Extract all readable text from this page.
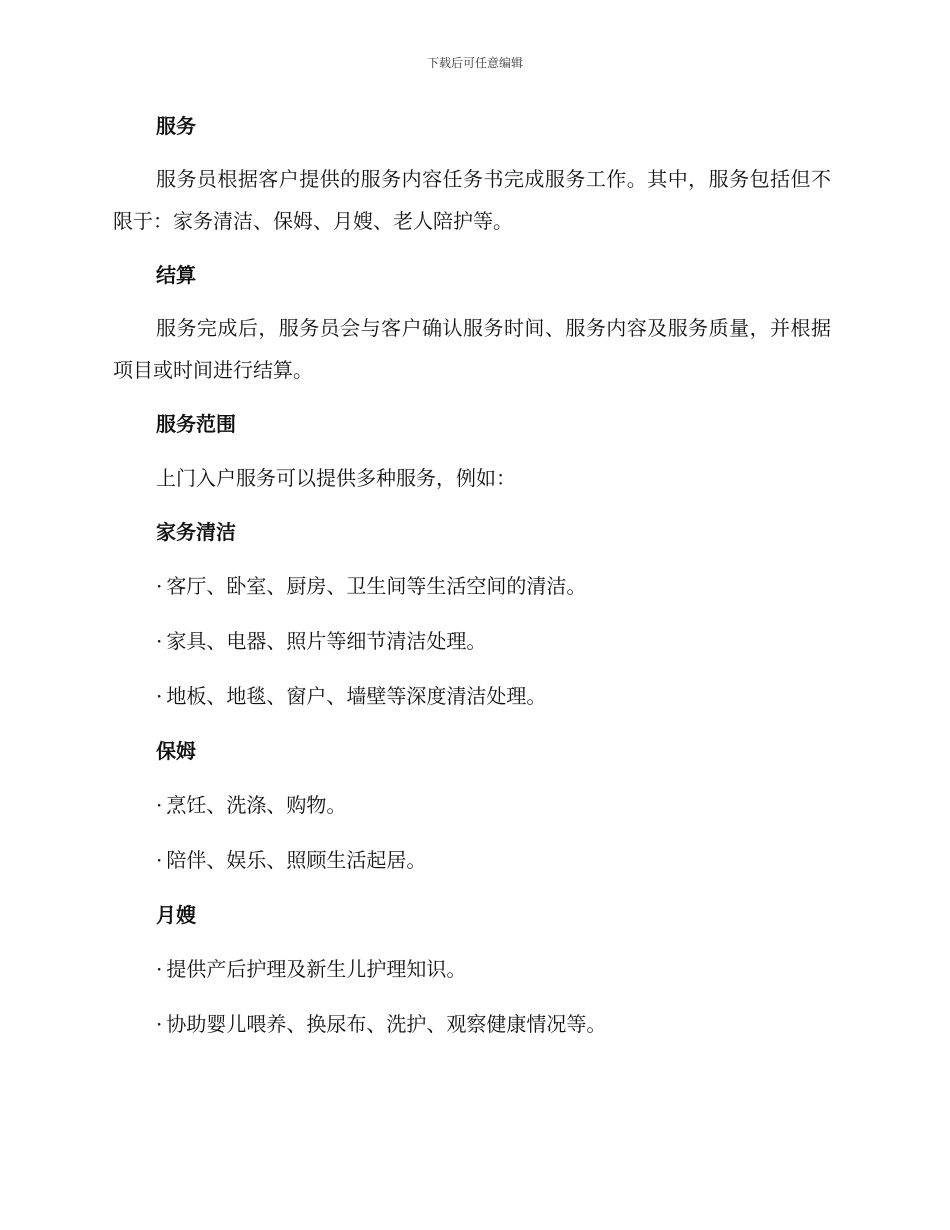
下载后可任意编辑
服务
服务员根据客户提供的服务内容任务书完成服务工作。其中，服务包括但不限于：家务清洁、保姆、月嫂、老人陪护等。
结算
服务完成后，服务员会与客户确认服务时间、服务内容及服务质量，并根据项目或时间进行结算。
服务范围
上门入户服务可以提供多种服务，例如：
家务清洁
· 客厅、卧室、厨房、卫生间等生活空间的清洁。
· 家具、电器、照片等细节清洁处理。
· 地板、地毯、窗户、墙壁等深度清洁处理。
保姆
· 烹饪、洗涤、购物。
· 陪伴、娱乐、照顾生活起居。
月嫂
· 提供产后护理及新生儿护理知识。
· 协助婴儿喂养、换尿布、洗护、观察健康情况等。
